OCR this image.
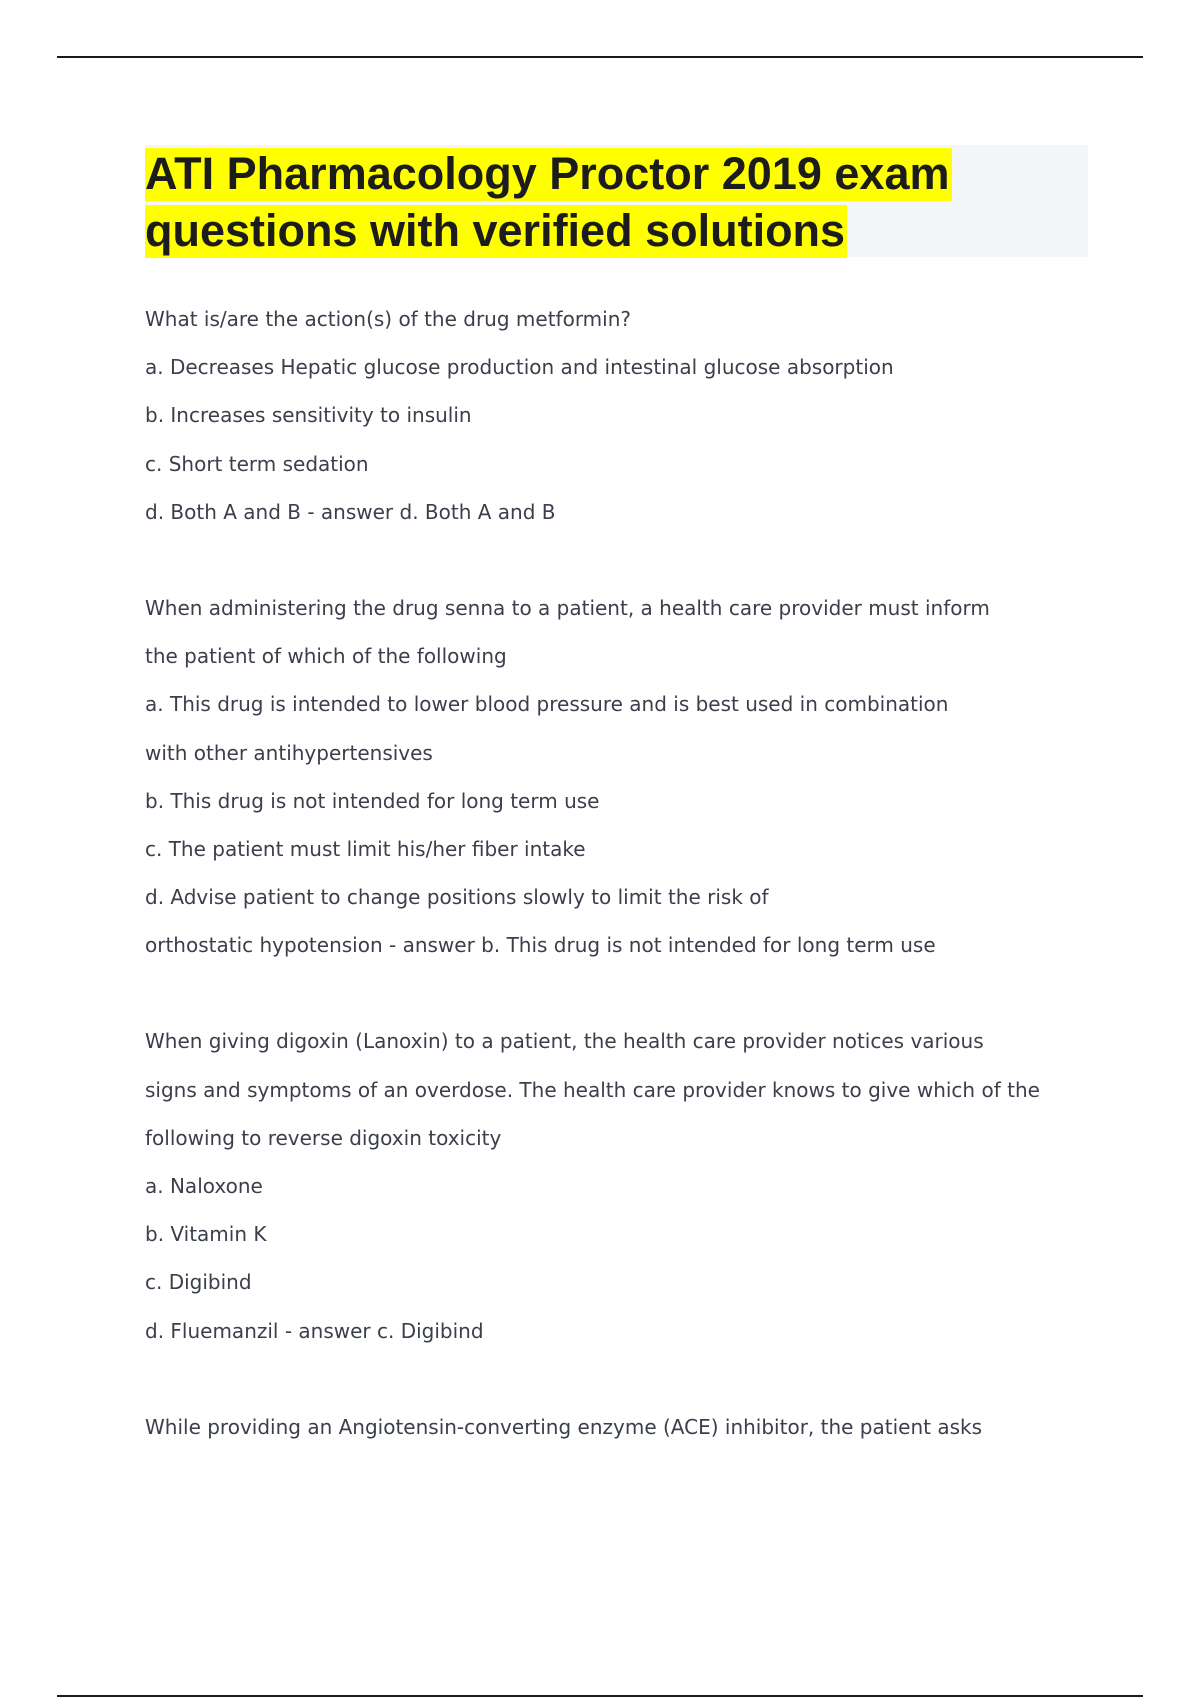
ATI Pharmacology Proctor 2019 exam questions with verified solutions
What is/are the action(s) of the drug metformin?
a. Decreases Hepatic glucose production and intestinal glucose absorption
b. Increases sensitivity to insulin
c. Short term sedation
d. Both A and B - answer d. Both A and B
When administering the drug senna to a patient, a health care provider must inform
the patient of which of the following
a. This drug is intended to lower blood pressure and is best used in combination
with other antihypertensives
b. This drug is not intended for long term use
c. The patient must limit his/her fiber intake
d. Advise patient to change positions slowly to limit the risk of
orthostatic hypotension - answer b. This drug is not intended for long term use
When giving digoxin (Lanoxin) to a patient, the health care provider notices various
signs and symptoms of an overdose. The health care provider knows to give which of the
following to reverse digoxin toxicity
a. Naloxone
b. Vitamin K
c. Digibind
d. Fluemanzil - answer c. Digibind
While providing an Angiotensin-converting enzyme (ACE) inhibitor, the patient asks
